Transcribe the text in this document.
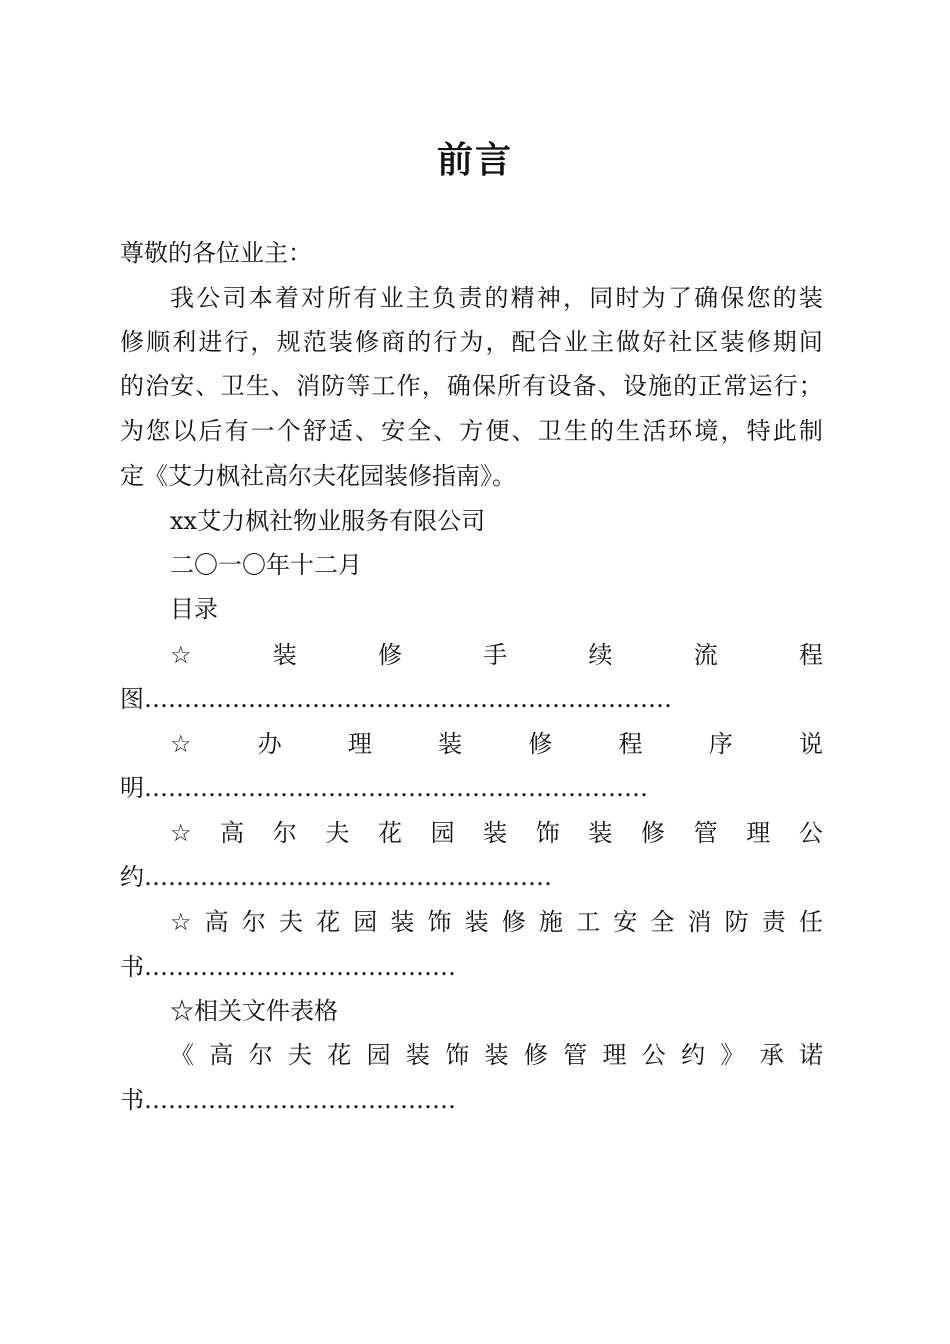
前言
尊敬的各位业主：
我 公 司 本 着 对 所 有 业 主 负 责 的 精 神 ， 同 时 为 了 确 保 您 的 装
修 顺 利 进 行 ， 规 范 装 修 商 的 行 为 ， 配 合 业 主 做 好 社 区 装 修 期 间
的 治 安 、 卫 生 、 消 防 等 工 作 ， 确 保 所 有 设 备 、 设 施 的 正 常 运 行 ；
为 您 以 后 有 一 个 舒 适 、 安 全 、 方 便 、 卫 生 的 生 活 环 境 ， 特 此 制
定《艾力枫社高尔夫花园装修指南》。
xx艾力枫社物业服务有限公司
二〇一〇年十二月
目录
☆	装	修	手	续	流	程
图…………………………………………………………
☆	办	理	装	修	程	序	说
明………………………………………………………
☆ 高 尔 夫 花 园 装 饰 装 修 管 理 公
约……………………………………………
☆ 高 尔 夫 花 园 装 饰 装 修 施 工 安 全 消 防 责 任
书…………………………………
☆相关文件表格
《 高 尔 夫 花 园 装 饰 装 修 管 理 公 约 》 承 诺
书…………………………………
